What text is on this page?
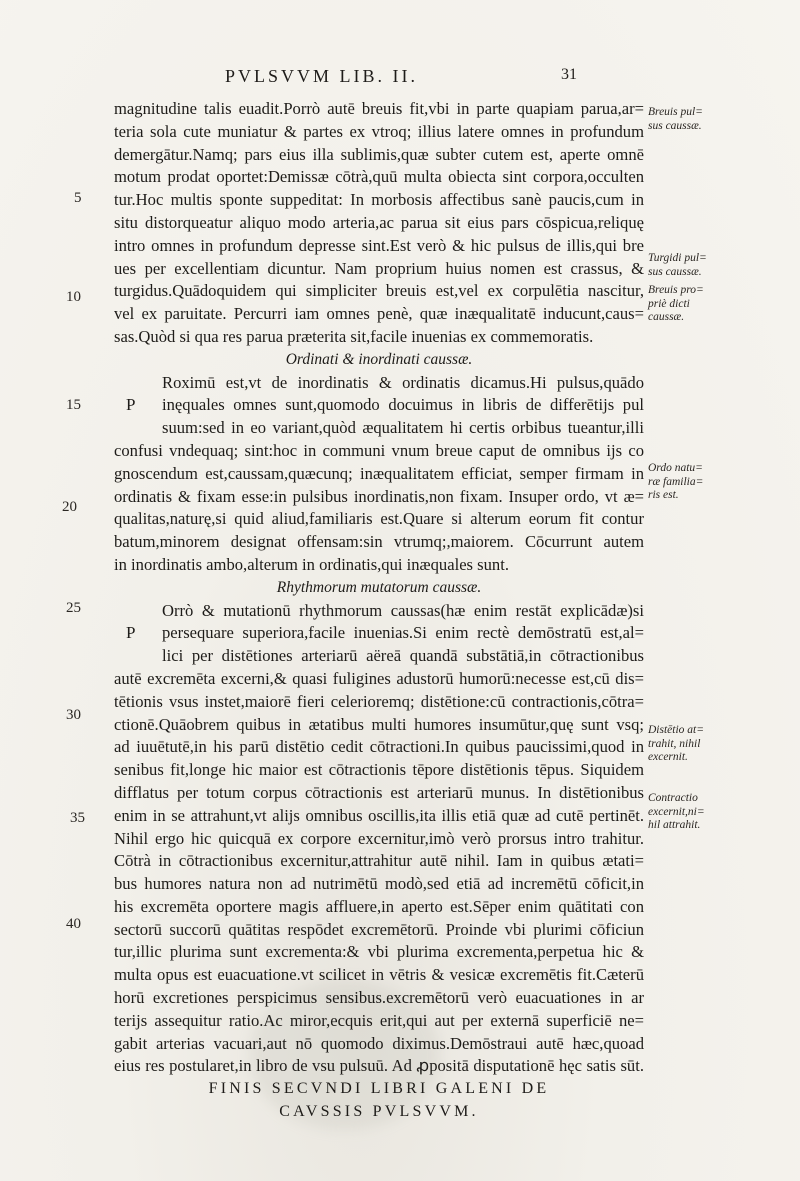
PVLSVVM LIB. II.	31
5
10
15
20
25
30
35
40
magnitudine talis euadit.Porrò autē breuis fit,vbi in parte quapiam parua,ar=
teria sola cute muniatur & partes ex vtroq; illius latere omnes in profundum
demergātur.Namq; pars eius illa sublimis,quæ subter cutem est, aperte omnē
motum prodat oportet:Demissæ cōtrà,quū multa obiecta sint corpora,occulten
tur.Hoc multis sponte suppeditat: In morbosis affectibus sanè paucis,cum in
situ distorqueatur aliquo modo arteria,ac parua sit eius pars cōspicua,reliquę
intro omnes in profundum depresse sint.Est verò & hic pulsus de illis,qui bre
ues per excellentiam dicuntur. Nam proprium huius nomen est crassus, &
turgidus.Quādoquidem qui simpliciter breuis est,vel ex corpulētia nascitur,
vel ex paruitate. Percurri iam omnes penè, quæ inæqualitatē inducunt,caus=
sas.Quòd si qua res parua præterita sit,facile inuenias ex commemoratis.
Ordinati & inordinati caussæ.
Roximū est,vt de inordinatis & ordinatis dicamus.Hi pulsus,quādo
P inęquales omnes sunt,quomodo docuimus in libris de differētijs pul
suum:sed in eo variant,quòd æqualitatem hi certis orbibus tueantur,illi
confusi vndequaq; sint:hoc in communi vnum breue caput de omnibus ijs co
gnoscendum est,caussam,quæcunq; inæqualitatem efficiat, semper firmam in
ordinatis & fixam esse:in pulsibus inordinatis,non fixam. Insuper ordo, vt æ=
qualitas,naturę,si quid aliud,familiaris est.Quare si alterum eorum fit contur
batum,minorem designat offensam:sin vtrumq;,maiorem. Cōcurrunt autem
in inordinatis ambo,alterum in ordinatis,qui inæquales sunt.
Rhythmorum mutatorum caussæ.
Orrò & mutationū rhythmorum caussas(hæ enim restāt explicādæ)si
P persequare superiora,facile inuenias.Si enim rectè demōstratū est,al=
lici per distētiones arteriarū aëreā quandā substātiā,in cōtractionibus
autē excremēta excerni,& quasi fuligines adustorū humorū:necesse est,cū dis=
tētionis vsus instet,maiorē fieri celerioremq; distētione:cū contractionis,cōtra=
ctionē.Quāobrem quibus in ætatibus multi humores insumūtur,quę sunt vsq;
ad iuuētutē,in his parū distētio cedit cōtractioni.In quibus paucissimi,quod in
senibus fit,longe hic maior est cōtractionis tēpore distētionis tēpus. Siquidem
difflatus per totum corpus cōtractionis est arteriarū munus. In distētionibus
enim in se attrahunt,vt alijs omnibus oscillis,ita illis etiā quæ ad cutē pertinēt.
Nihil ergo hic quicquā ex corpore excernitur,imò verò prorsus intro trahitur.
Cōtrà in cōtractionibus excernitur,attrahitur autē nihil. Iam in quibus ætati=
bus humores natura non ad nutrimētū modò,sed etiā ad incremētū cōficit,in
his excremēta oportere magis affluere,in aperto est.Sēper enim quātitati con
sectorū succorū quātitas respōdet excremētorū. Proinde vbi plurimi cōficiun
tur,illic plurima sunt excrementa:& vbi plurima excrementa,perpetua hic &
multa opus est euacuatione.vt scilicet in vētris & vesicæ excremētis fit.Cæterū
horū excretiones perspicimus sensibus.excremētorū verò euacuationes in ar
terijs assequitur ratio.Ac miror,ecquis erit,qui aut per externā superficiē ne=
gabit arterias vacuari,aut nō quomodo diximus.Demōstraui autē hæc,quoad
eius res postularet,in libro de vsu pulsuū. Ad ꝓpositā disputationē hęc satis sūt.
FINIS SECVNDI LIBRI GALENI DE
CAVSSIS PVLSVVM.
Breuis pul=
sus caussæ.
Turgidi pul=
sus caussæ.
Breuis pro=
priè dicti
caussæ.
Ordo natu=
ræ familia=
ris est.
Distētio at=
trahit, nihil
excernit.
Contractio
excernit,ni=
hil attrahit.
